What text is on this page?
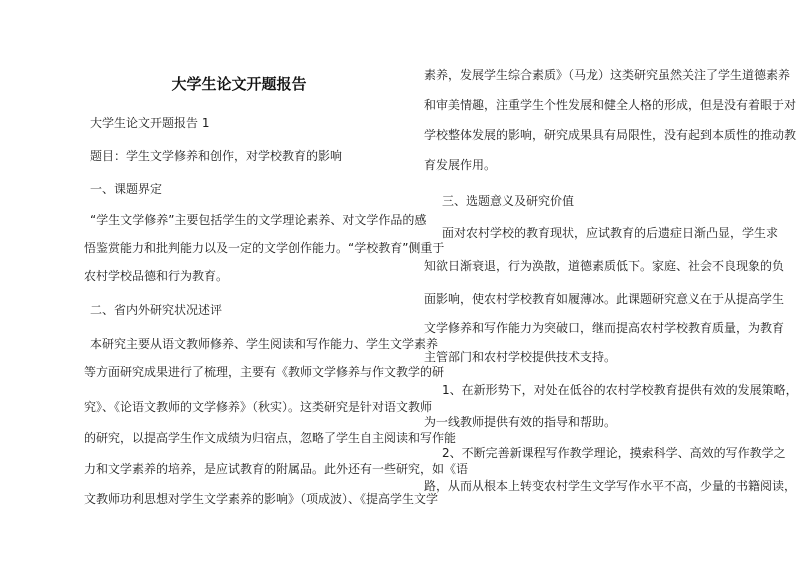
大学生论文开题报告
大学生论文开题报告 1
题目：学生文学修养和创作，对学校教育的影响
一、课题界定
“学生文学修养”主要包括学生的文学理论素养、对文学作品的感
悟鉴赏能力和批判能力以及一定的文学创作能力。“学校教育”侧重于
农村学校品德和行为教育。
二、省内外研究状况述评
本研究主要从语文教师修养、学生阅读和写作能力、学生文学素养
等方面研究成果进行了梳理，主要有《教师文学修养与作文教学的研
究》、《论语文教师的文学修养》（秋实）。这类研究是针对语文教师
的研究，以提高学生作文成绩为归宿点，忽略了学生自主阅读和写作能
力和文学素养的培养，是应试教育的附属品。此外还有一些研究，如《语
文教师功利思想对学生文学素养的影响》（项成波）、《提高学生文学
素养，发展学生综合素质》（马龙）这类研究虽然关注了学生道德素养
和审美情趣，注重学生个性发展和健全人格的形成，但是没有着眼于对
学校整体发展的影响，研究成果具有局限性，没有起到本质性的推动教
育发展作用。
三、选题意义及研究价值
面对农村学校的教育现状，应试教育的后遗症日渐凸显，学生求
知欲日渐衰退，行为涣散，道德素质低下。家庭、社会不良现象的负
面影响，使农村学校教育如履薄冰。此课题研究意义在于从提高学生
文学修养和写作能力为突破口，继而提高农村学校教育质量，为教育
主管部门和农村学校提供技术支持。
1、在新形势下，对处在低谷的农村学校教育提供有效的发展策略，
为一线教师提供有效的指导和帮助。
2、不断完善新课程写作教学理论，摸索科学、高效的写作教学之
路，从而从根本上转变农村学生文学写作水平不高，少量的书籍阅读，
